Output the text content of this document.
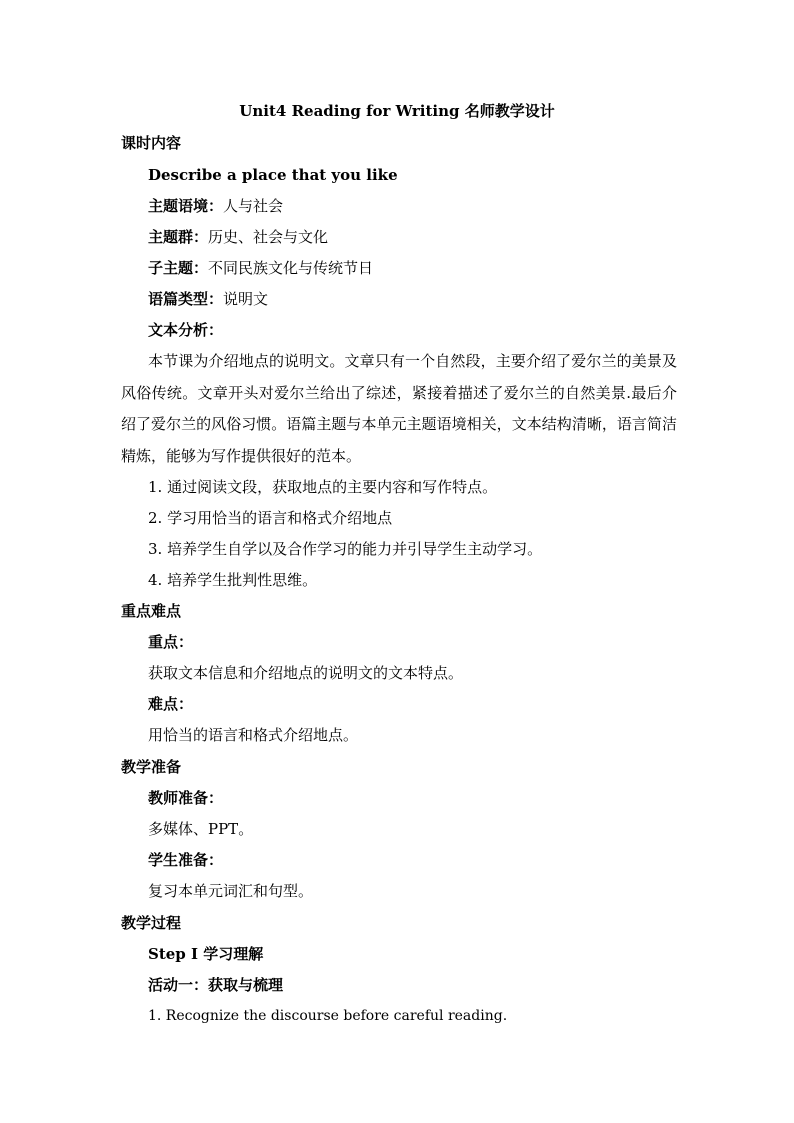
Unit4 Reading for Writing 名师教学设计
课时内容
Describe a place that you like
主题语境：人与社会
主题群：历史、社会与文化
子主题：不同民族文化与传统节日
语篇类型：说明文
文本分析：
本节课为介绍地点的说明文。文章只有一个自然段，主要介绍了爱尔兰的美景及风俗传统。文章开头对爱尔兰给出了综述，紧接着描述了爱尔兰的自然美景.最后介绍了爱尔兰的风俗习惯。语篇主题与本单元主题语境相关，文本结构清晰，语言简洁精炼，能够为写作提供很好的范本。
1. 通过阅读文段，获取地点的主要内容和写作特点。
2. 学习用恰当的语言和格式介绍地点
3. 培养学生自学以及合作学习的能力并引导学生主动学习。
4. 培养学生批判性思维。
重点难点
重点：
获取文本信息和介绍地点的说明文的文本特点。
难点：
用恰当的语言和格式介绍地点。
教学准备
教师准备：
多媒体、PPT。
学生准备：
复习本单元词汇和句型。
教学过程
Step I 学习理解
活动一：获取与梳理
1. Recognize the discourse before careful reading.
